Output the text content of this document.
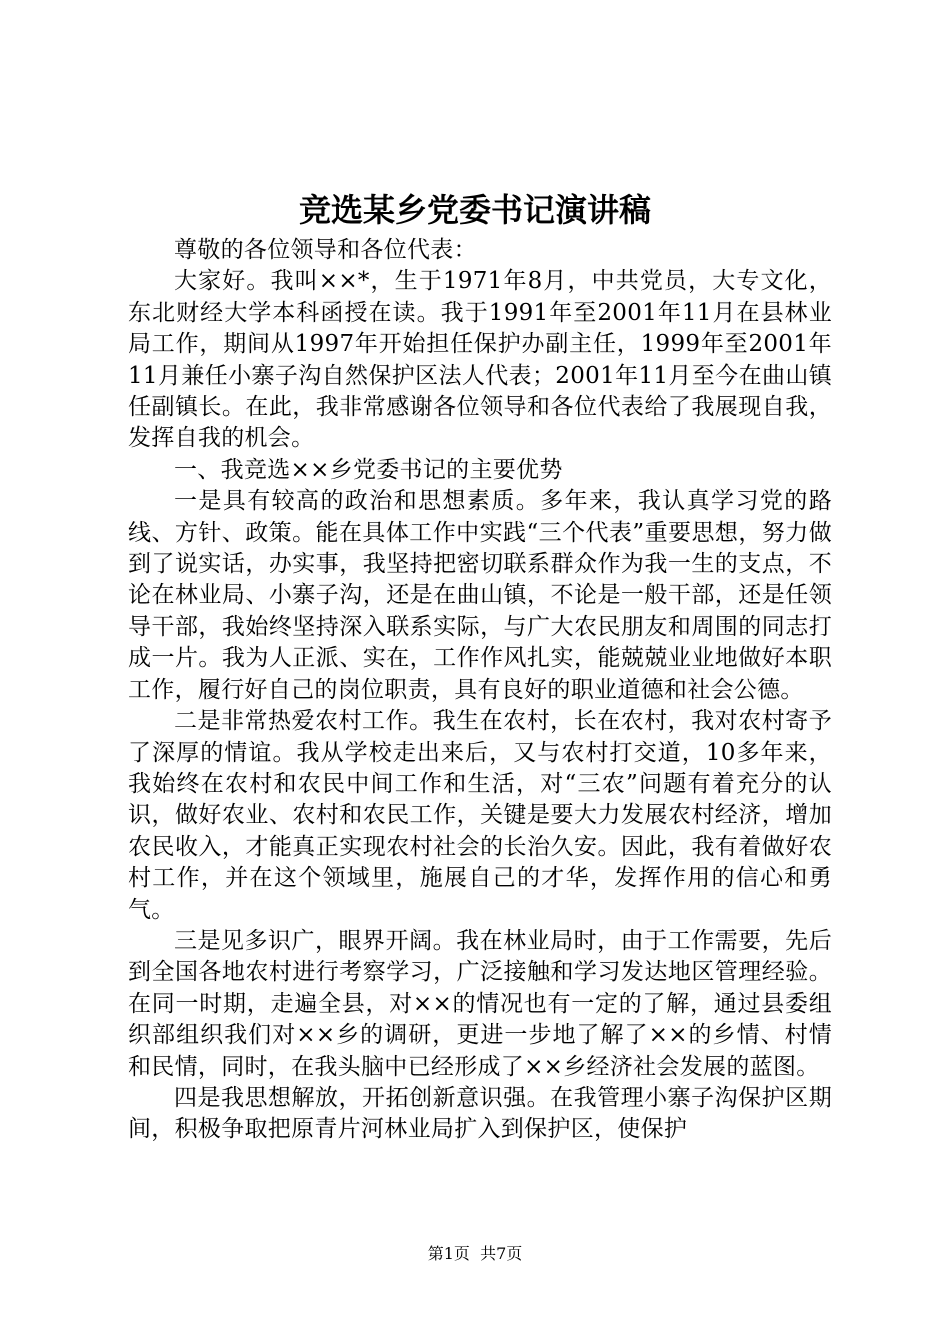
竞选某乡党委书记演讲稿

尊敬的各位领导和各位代表：

大家好。我叫××*，生于1971年8月，中共党员，大专文化，东北财经大学本科函授在读。我于1991年至2001年11月在县林业局工作，期间从1997年开始担任保护办副主任，1999年至2001年11月兼任小寨子沟自然保护区法人代表；2001年11月至今在曲山镇任副镇长。在此，我非常感谢各位领导和各位代表给了我展现自我，发挥自我的机会。

一、我竞选××乡党委书记的主要优势

一是具有较高的政治和思想素质。多年来，我认真学习党的路线、方针、政策。能在具体工作中实践“三个代表”重要思想，努力做到了说实话，办实事，我坚持把密切联系群众作为我一生的支点，不论在林业局、小寨子沟，还是在曲山镇，不论是一般干部，还是任领导干部，我始终坚持深入联系实际，与广大农民朋友和周围的同志打成一片。我为人正派、实在，工作作风扎实，能兢兢业业地做好本职工作，履行好自己的岗位职责，具有良好的职业道德和社会公德。

二是非常热爱农村工作。我生在农村，长在农村，我对农村寄予了深厚的情谊。我从学校走出来后，又与农村打交道，10多年来，我始终在农村和农民中间工作和生活，对“三农”问题有着充分的认识，做好农业、农村和农民工作，关键是要大力发展农村经济，增加农民收入，才能真正实现农村社会的长治久安。因此，我有着做好农村工作，并在这个领域里，施展自己的才华，发挥作用的信心和勇气。

三是见多识广，眼界开阔。我在林业局时，由于工作需要，先后到全国各地农村进行考察学习，广泛接触和学习发达地区管理经验。在同一时期，走遍全县，对××的情况也有一定的了解，通过县委组织部组织我们对××乡的调研，更进一步地了解了××的乡情、村情和民情，同时，在我头脑中已经形成了××乡经济社会发展的蓝图。

四是我思想解放，开拓创新意识强。在我管理小寨子沟保护区期间，积极争取把原青片河林业局扩入到保护区，使保护

第1页 共7页
